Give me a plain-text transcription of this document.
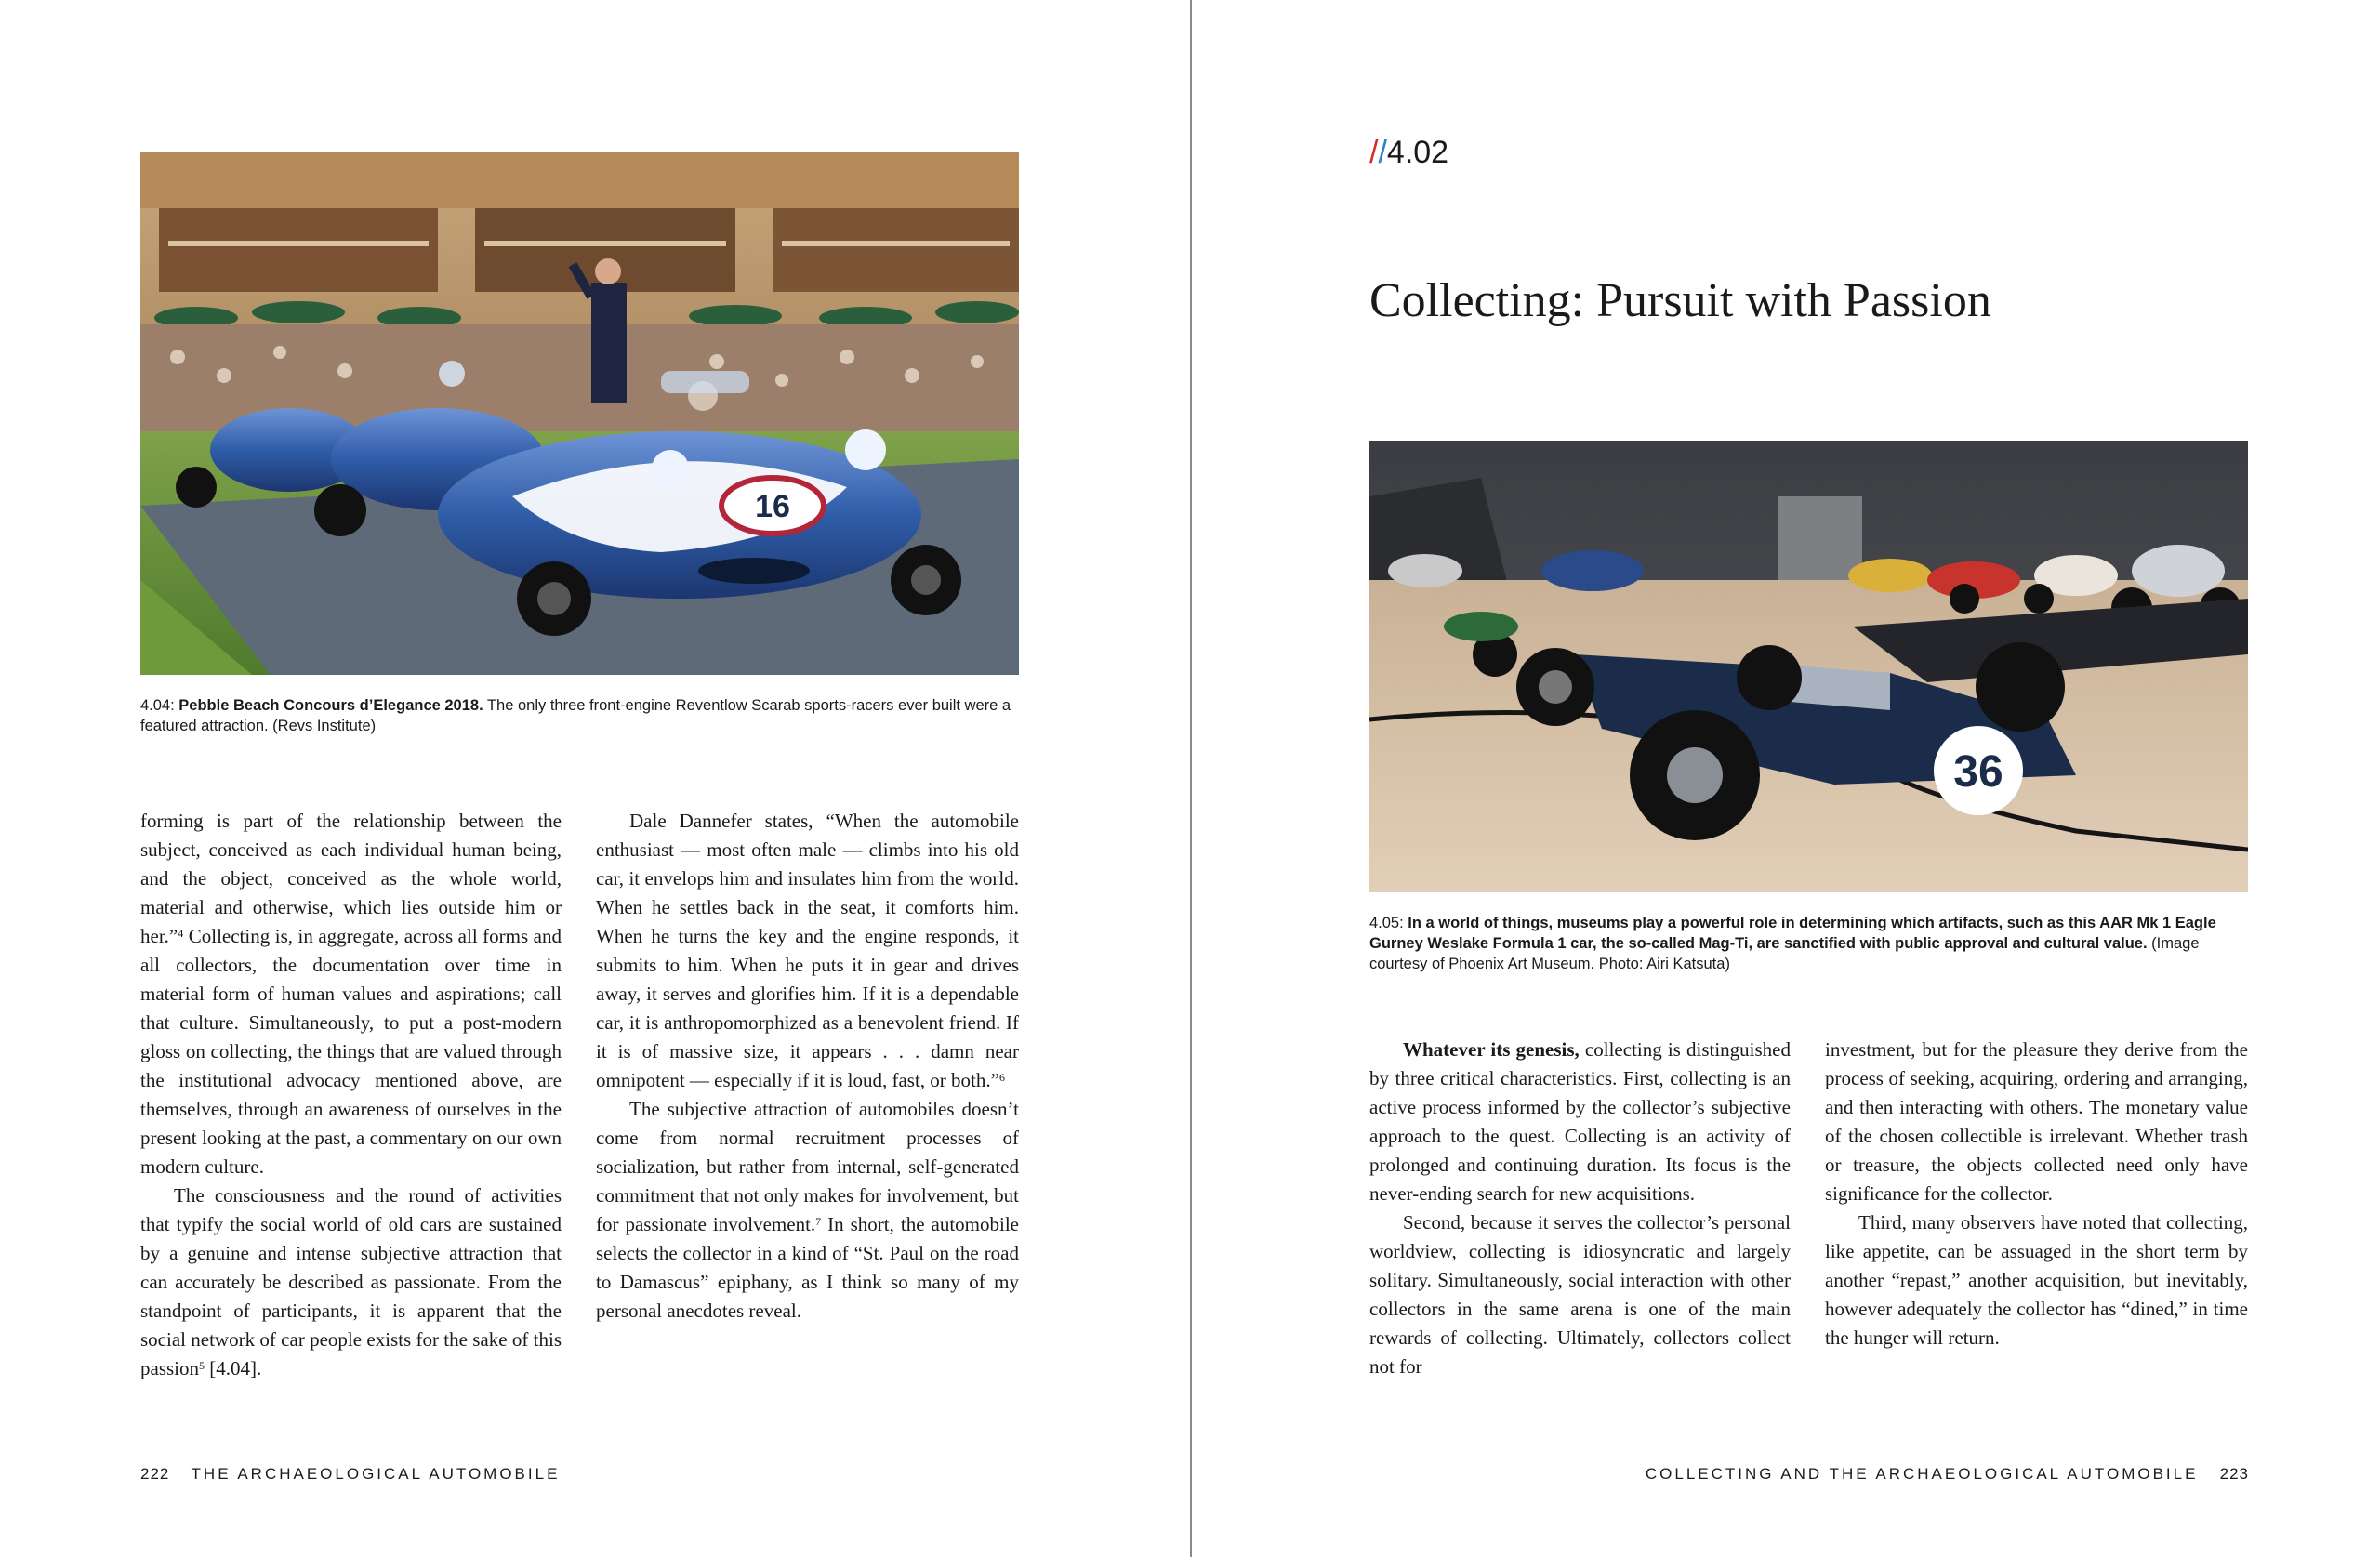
16
4.04: Pebble Beach Concours d’Elegance 2018. The only three front-engine Reventlow Scarab sports-racers ever built were a featured attraction. (Revs Institute)

forming is part of the relationship between the subject, conceived as each individual human being, and the object, conceived as the whole world, material and otherwise, which lies outside him or her.”$^4$ Collecting is, in aggregate, across all forms and all collectors, the documentation over time in material form of human values and aspirations; call that culture. Simultaneously, to put a post-modern gloss on collecting, the things that are valued through the institutional advocacy mentioned above, are themselves, through an awareness of ourselves in the present looking at the past, a commentary on our own modern culture.

The consciousness and the round of activities that typify the social world of old cars are sustained by a genuine and intense subjective attraction that can accurately be described as passionate. From the standpoint of participants, it is apparent that the social network of car people exists for the sake of this passion$^5$ [4.04].

Dale Dannefer states, “When the automobile enthusiast — most often male — climbs into his old car, it envelops him and insulates him from the world. When he settles back in the seat, it comforts him. When he turns the key and the engine responds, it submits to him. When he puts it in gear and drives away, it serves and glorifies him. If it is a dependable car, it is anthropomorphized as a benevolent friend. If it is of massive size, it appears . . . damn near omnipotent — especially if it is loud, fast, or both.”$^6$

The subjective attraction of automobiles doesn’t come from normal recruitment processes of socialization, but rather from internal, self-generated commitment that not only makes for involvement, but for passionate involvement.$^7$ In short, the automobile selects the collector in a kind of “St. Paul on the road to Damascus” epiphany, as I think so many of my personal anecdotes reveal.

222 THE ARCHAEOLOGICAL AUTOMOBILE
//4.02
Collecting: Pursuit with Passion
36
4.05: In a world of things, museums play a powerful role in determining which artifacts, such as this AAR Mk 1 Eagle Gurney Weslake Formula 1 car, the so-called Mag-Ti, are sanctified with public approval and cultural value. (Image courtesy of Phoenix Art Museum. Photo: Airi Katsuta)

Whatever its genesis, collecting is distinguished by three critical characteristics. First, collecting is an active process informed by the collector’s subjective approach to the quest. Collecting is an activity of prolonged and continuing duration. Its focus is the never-ending search for new acquisitions.

Second, because it serves the collector’s personal worldview, collecting is idiosyncratic and largely solitary. Simultaneously, social interaction with other collectors in the same arena is one of the main rewards of collecting. Ultimately, collectors collect not for

investment, but for the pleasure they derive from the process of seeking, acquiring, ordering and arranging, and then interacting with others. The monetary value of the chosen collectible is irrelevant. Whether trash or treasure, the objects collected need only have significance for the collector.

Third, many observers have noted that collecting, like appetite, can be assuaged in the short term by another “repast,” another acquisition, but inevitably, however adequately the collector has “dined,” in time the hunger will return.

COLLECTING AND THE ARCHAEOLOGICAL AUTOMOBILE 223
